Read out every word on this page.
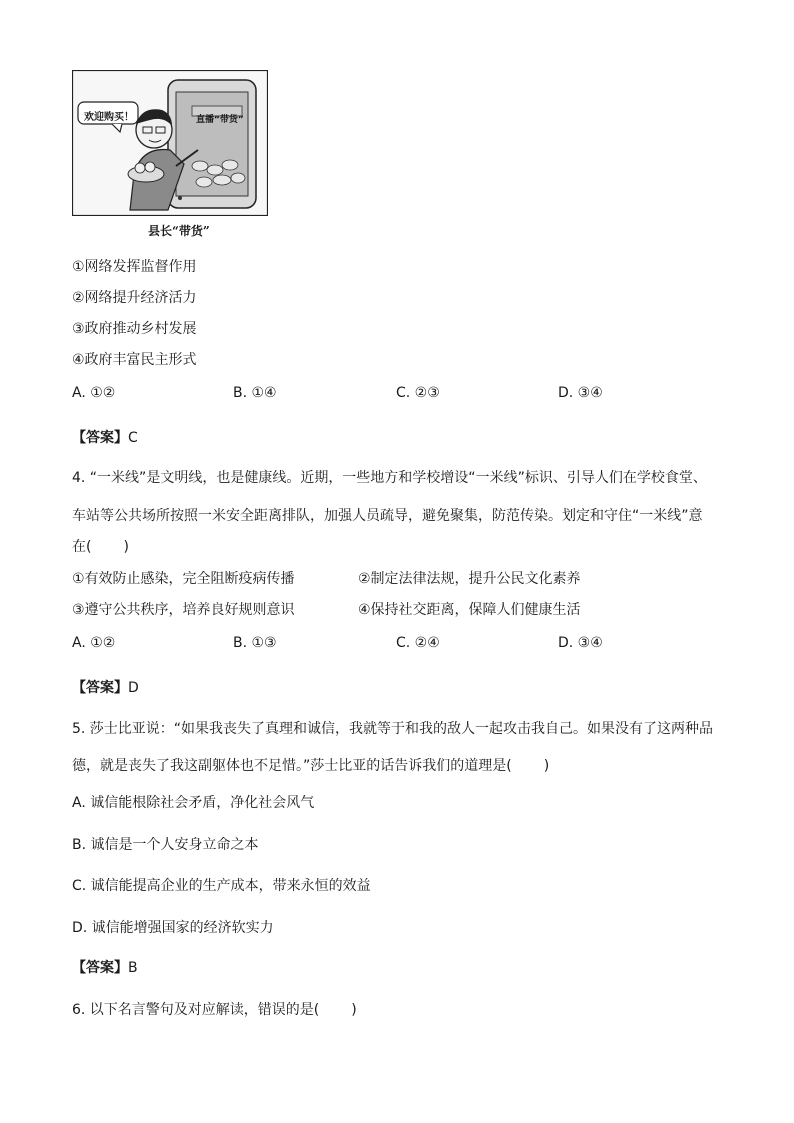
欢迎购买！	直播 “带货”
县长“带货”
①网络发挥监督作用
②网络提升经济活力
③政府推动乡村发展
④政府丰富民主形式
A. ①②	B. ①④	C. ②③	D. ③④
【答案】C
4. “一米线”是文明线，也是健康线。近期，一些地方和学校增设“一米线”标识、引导人们在学校食堂、
车站等公共场所按照一米安全距离排队，加强人员疏导，避免聚集，防范传染。划定和守住“一米线”意
在( )
①有效防止感染，完全阻断疫病传播	②制定法律法规，提升公民文化素养
③遵守公共秩序，培养良好规则意识	④保持社交距离，保障人们健康生活
A. ①②	B. ①③	C. ②④	D. ③④
【答案】D
5. 莎士比亚说：“如果我丧失了真理和诚信，我就等于和我的敌人一起攻击我自己。如果没有了这两种品
德，就是丧失了我这副躯体也不足惜。”莎士比亚的话告诉我们的道理是( )
A. 诚信能根除社会矛盾，净化社会风气
B. 诚信是一个人安身立命之本
C. 诚信能提高企业的生产成本，带来永恒的效益
D. 诚信能增强国家的经济软实力
【答案】B
6. 以下名言警句及对应解读，错误的是( )
